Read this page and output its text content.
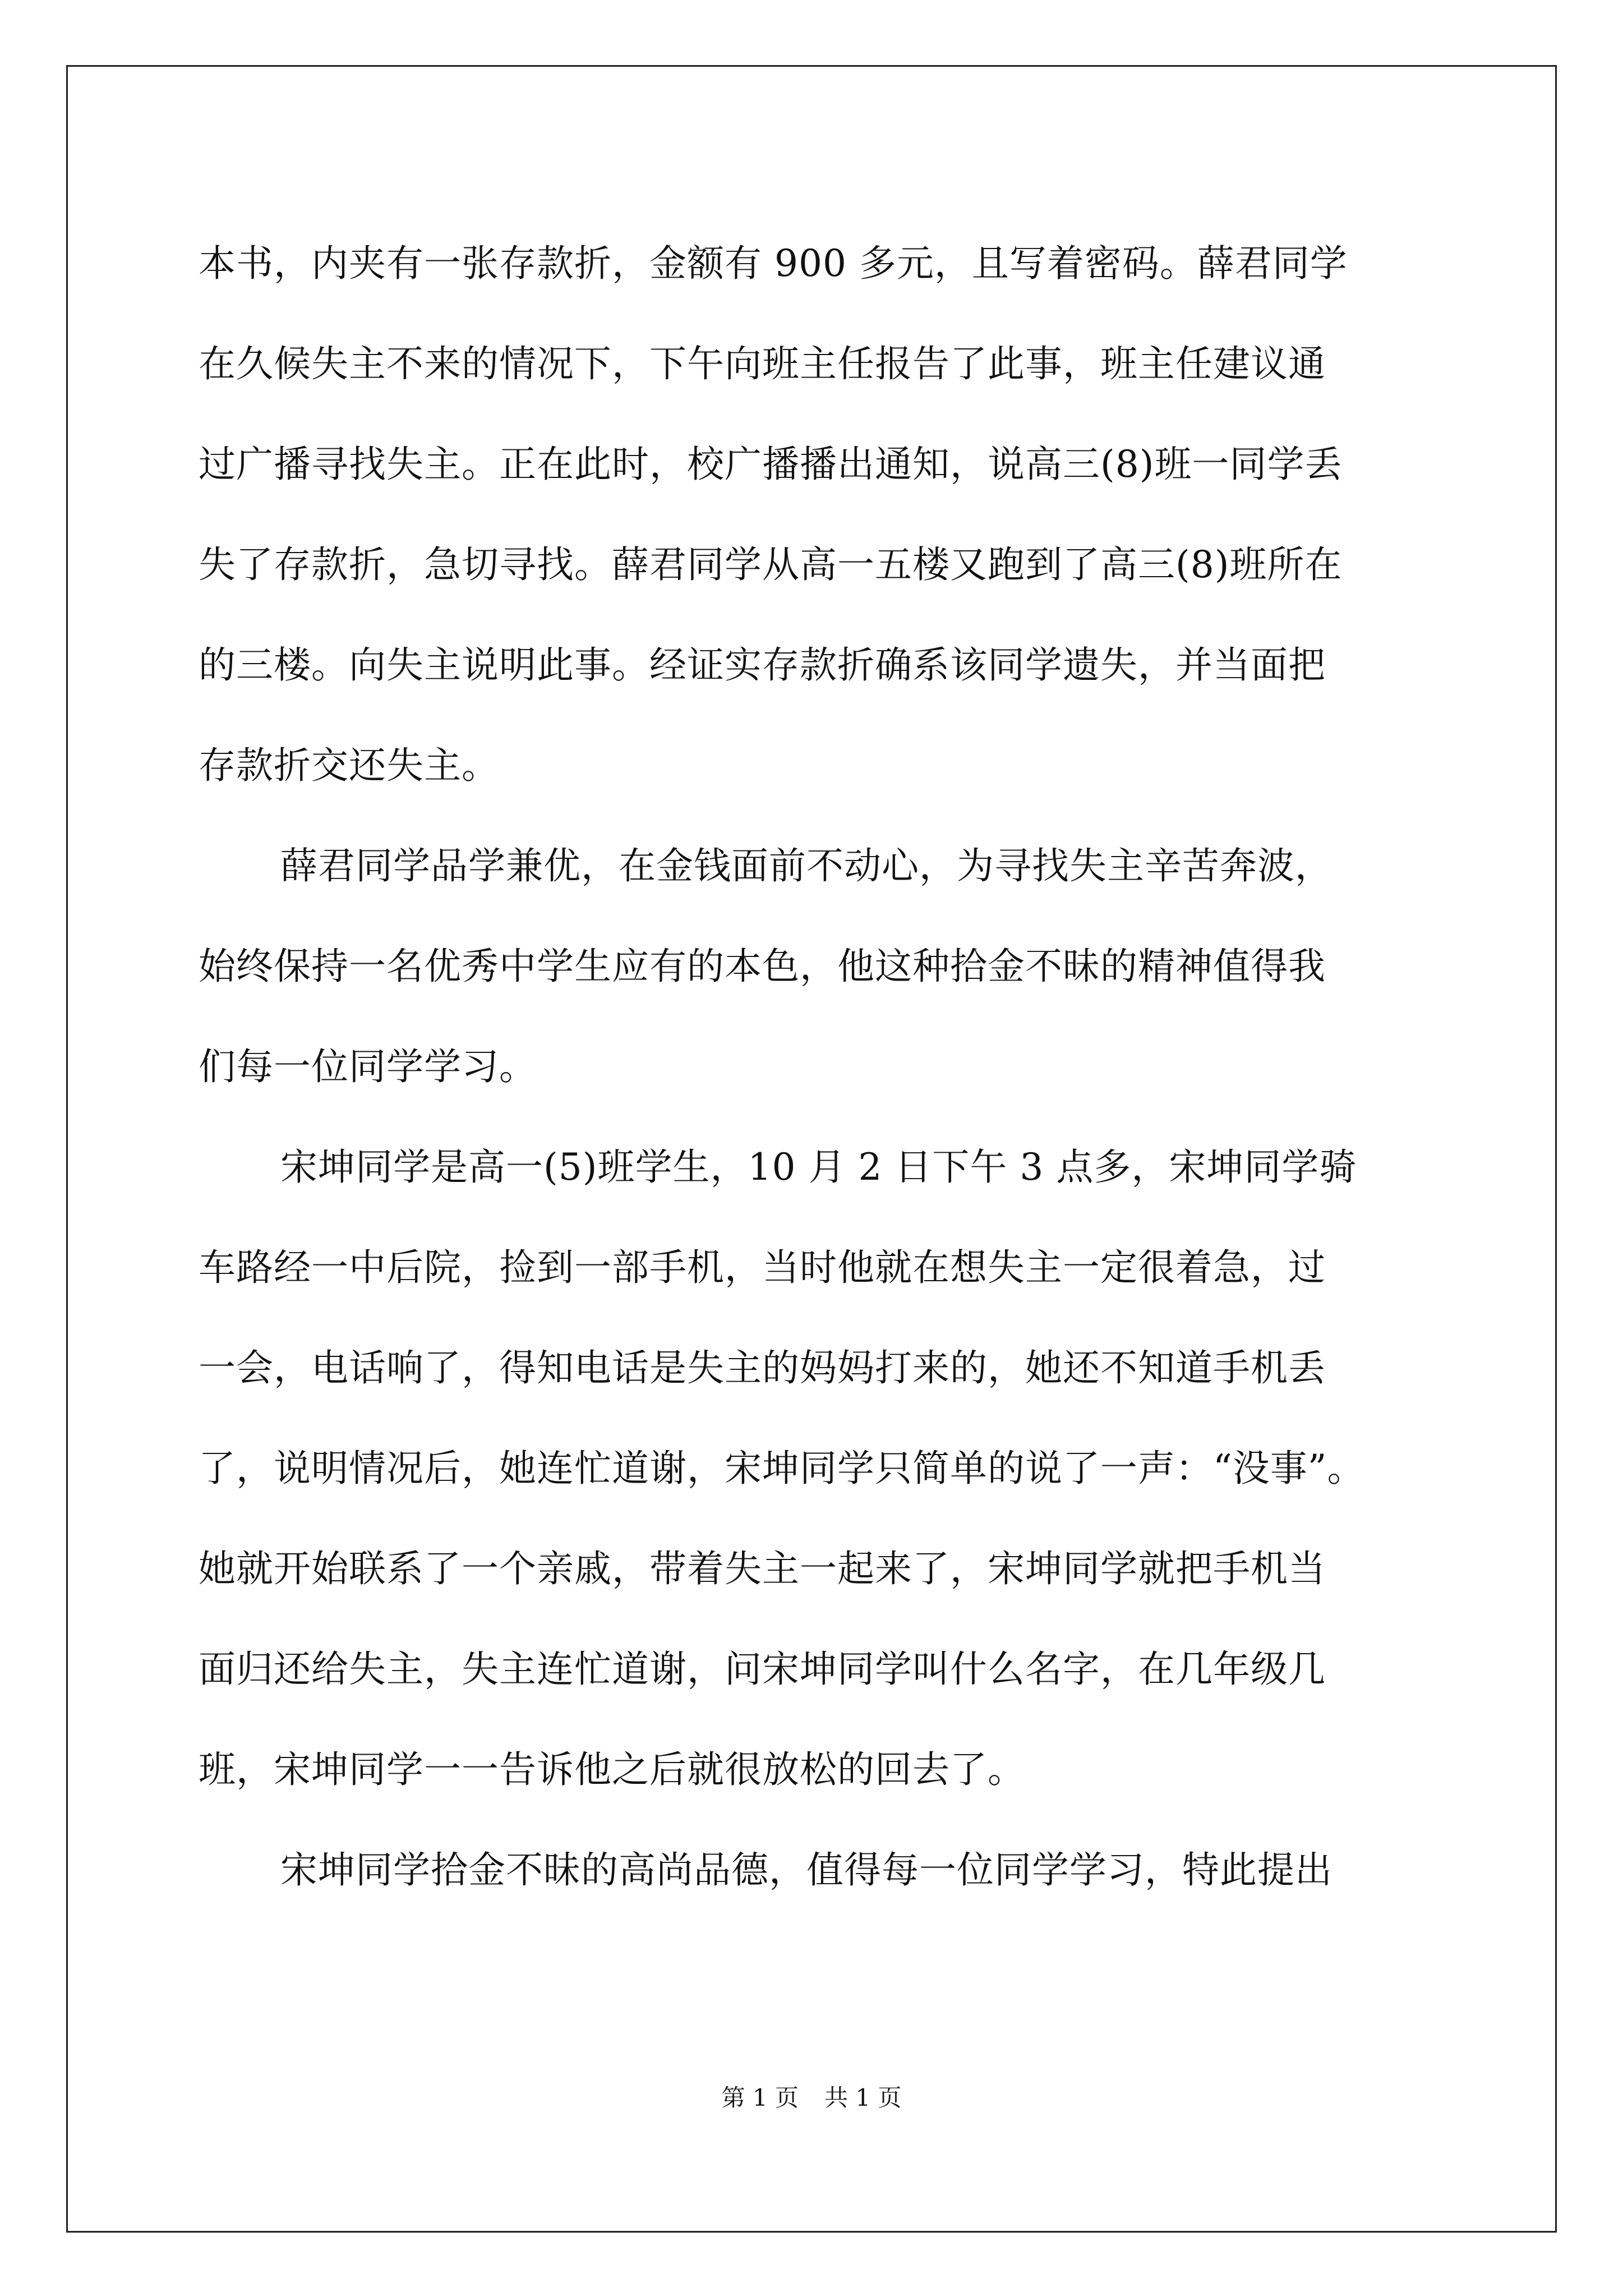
本书，内夹有一张存款折，金额有 900 多元，且写着密码。薛君同学
在久候失主不来的情况下，下午向班主任报告了此事，班主任建议通
过广播寻找失主。正在此时，校广播播出通知，说高三(8)班一同学丢
失了存款折，急切寻找。薛君同学从高一五楼又跑到了高三(8)班所在
的三楼。向失主说明此事。经证实存款折确系该同学遗失，并当面把
存款折交还失主。
薛君同学品学兼优，在金钱面前不动心，为寻找失主辛苦奔波，
始终保持一名优秀中学生应有的本色，他这种拾金不昧的精神值得我
们每一位同学学习。
宋坤同学是高一(5)班学生，10 月 2 日下午 3 点多，宋坤同学骑
车路经一中后院，捡到一部手机，当时他就在想失主一定很着急，过
一会，电话响了，得知电话是失主的妈妈打来的，她还不知道手机丢
了，说明情况后，她连忙道谢，宋坤同学只简单的说了一声：“没事”。
她就开始联系了一个亲戚，带着失主一起来了，宋坤同学就把手机当
面归还给失主，失主连忙道谢，问宋坤同学叫什么名字，在几年级几
班，宋坤同学一一告诉他之后就很放松的回去了。
宋坤同学拾金不昧的高尚品德，值得每一位同学学习，特此提出
第 1 页 共 1 页
